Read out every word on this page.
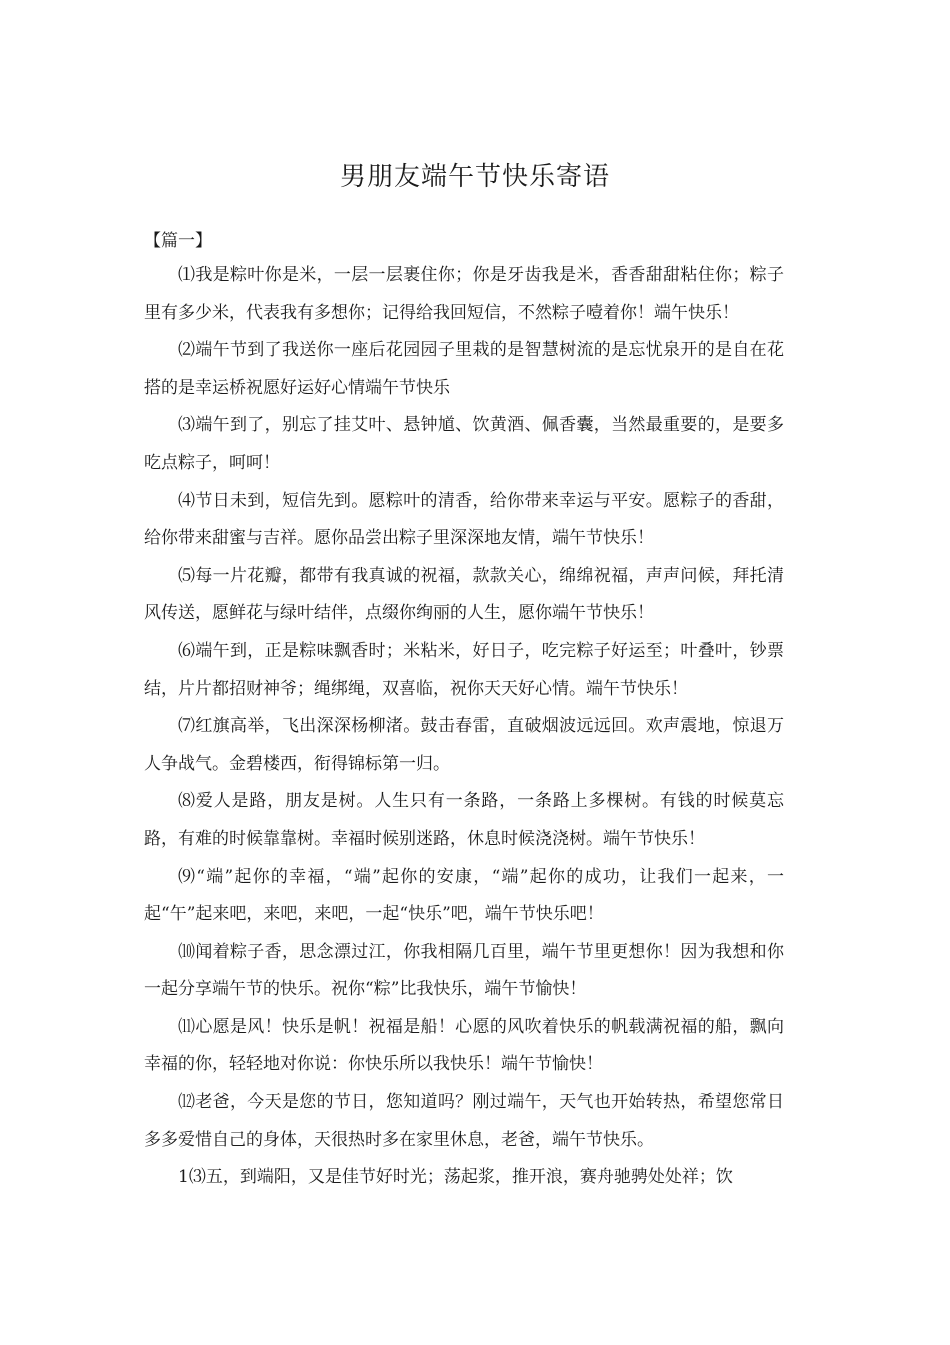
男朋友端午节快乐寄语
【篇一】

⑴我是粽叶你是米，一层一层裹住你；你是牙齿我是米，香香甜甜粘住你；粽子里有多少米，代表我有多想你；记得给我回短信，不然粽子噎着你！端午快乐！

⑵端午节到了我送你一座后花园园子里栽的是智慧树流的是忘忧泉开的是自在花搭的是幸运桥祝愿好运好心情端午节快乐

⑶端午到了，别忘了挂艾叶、悬钟馗、饮黄酒、佩香囊，当然最重要的，是要多吃点粽子，呵呵！

⑷节日未到，短信先到。愿粽叶的清香，给你带来幸运与平安。愿粽子的香甜，给你带来甜蜜与吉祥。愿你品尝出粽子里深深地友情，端午节快乐！

⑸每一片花瓣，都带有我真诚的祝福，款款关心，绵绵祝福，声声问候，拜托清风传送，愿鲜花与绿叶结伴，点缀你绚丽的人生，愿你端午节快乐！

⑹端午到，正是粽味飘香时；米粘米，好日子，吃完粽子好运至；叶叠叶，钞票结，片片都招财神爷；绳绑绳，双喜临，祝你天天好心情。端午节快乐！

⑺红旗高举，飞出深深杨柳渚。鼓击春雷，直破烟波远远回。欢声震地，惊退万人争战气。金碧楼西，衔得锦标第一归。

⑻爱人是路，朋友是树。人生只有一条路，一条路上多棵树。有钱的时候莫忘路，有难的时候靠靠树。幸福时候别迷路，休息时候浇浇树。端午节快乐！

⑼“端”起你的幸福，“端”起你的安康，“端”起你的成功，让我们一起来，一起“午”起来吧，来吧，来吧，一起“快乐”吧，端午节快乐吧！

⑽闻着粽子香，思念漂过江，你我相隔几百里，端午节里更想你！因为我想和你一起分享端午节的快乐。祝你“粽”比我快乐，端午节愉快！

⑾心愿是风！快乐是帆！祝福是船！心愿的风吹着快乐的帆载满祝福的船，飘向幸福的你，轻轻地对你说：你快乐所以我快乐！端午节愉快！

⑿老爸，今天是您的节日，您知道吗？刚过端午，天气也开始转热，希望您常日多多爱惜自己的身体，天很热时多在家里休息，老爸，端午节快乐。

1⑶五，到端阳，又是佳节好时光；荡起浆，推开浪，赛舟驰骋处处祥；饮
